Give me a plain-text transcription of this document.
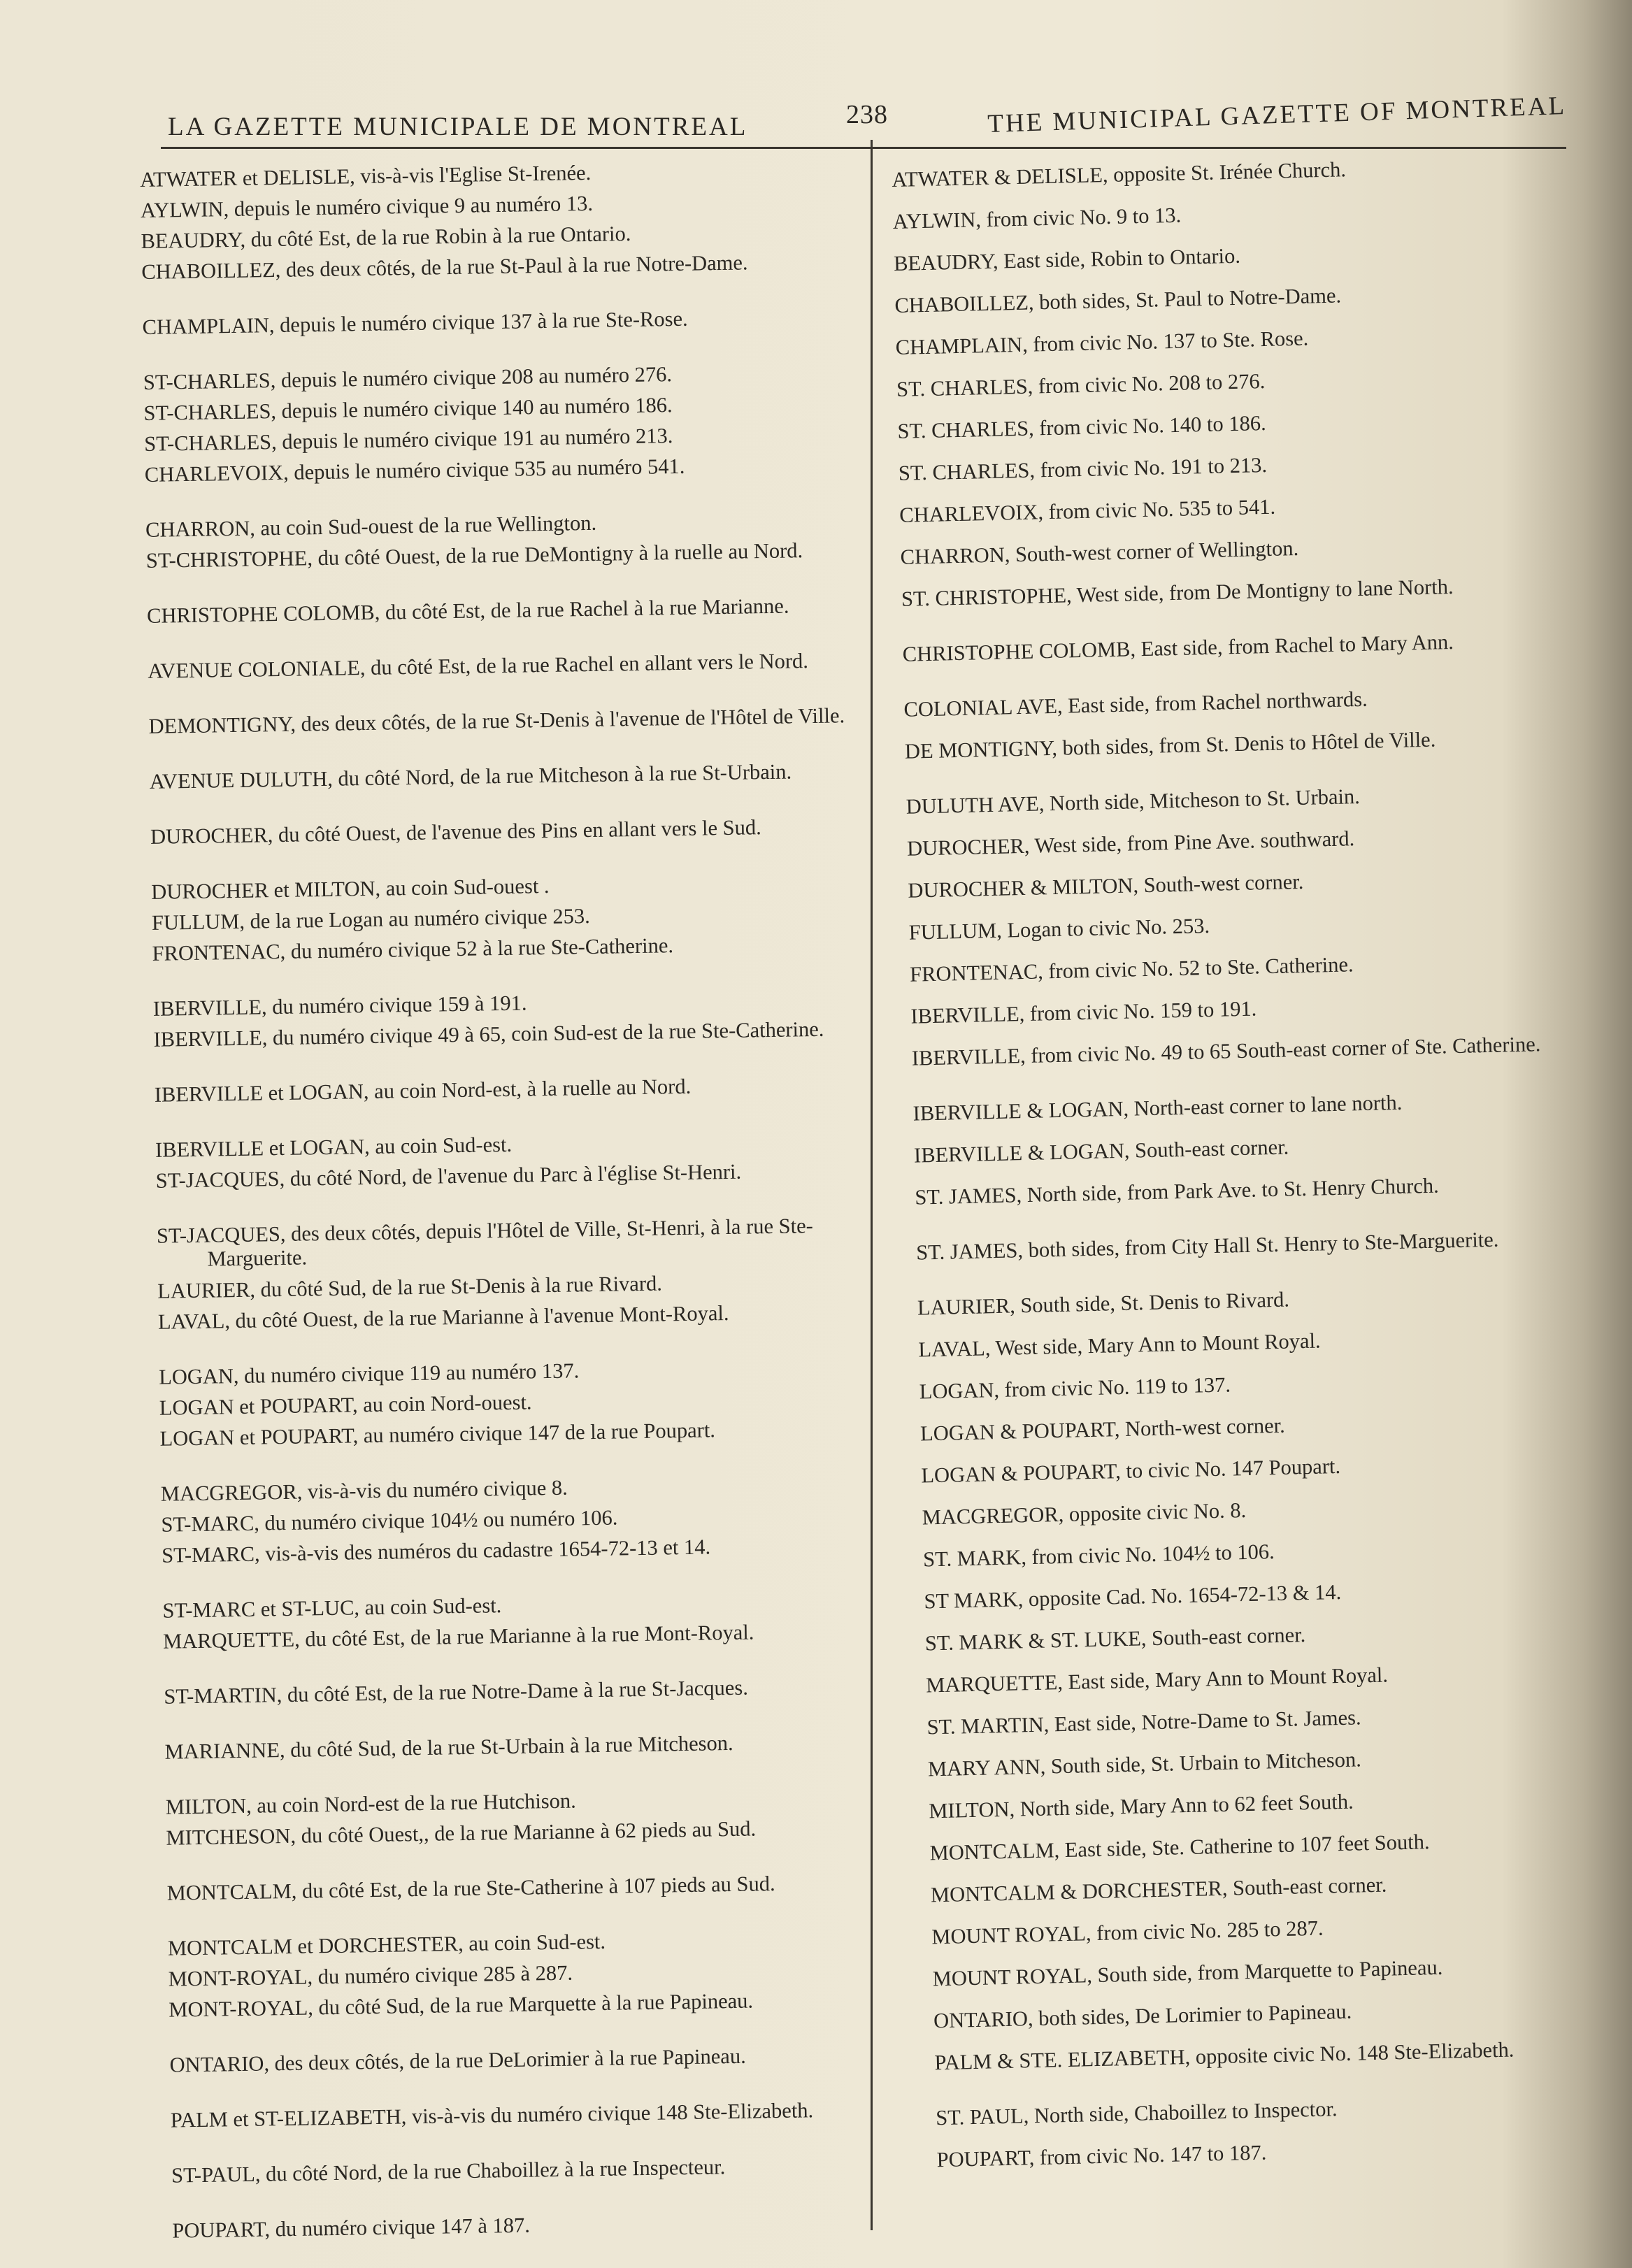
LA GAZETTE MUNICIPALE DE MONTREAL	238	THE MUNICIPAL GAZETTE OF MONTREAL

ATWATER et DELISLE, vis-à-vis l'Eglise St-Irenée.

AYLWIN, depuis le numéro civique 9 au numéro 13.

BEAUDRY, du côté Est, de la rue Robin à la rue Ontario.

CHABOILLEZ, des deux côtés, de la rue St-Paul à la rue Notre-Dame.

CHAMPLAIN, depuis le numéro civique 137 à la rue Ste-Rose.

ST-CHARLES, depuis le numéro civique 208 au numéro 276.

ST-CHARLES, depuis le numéro civique 140 au numéro 186.

ST-CHARLES, depuis le numéro civique 191 au numéro 213.

CHARLEVOIX, depuis le numéro civique 535 au numéro 541.

CHARRON, au coin Sud-ouest de la rue Wellington.

ST-CHRISTOPHE, du côté Ouest, de la rue DeMontigny à la ruelle au Nord.

CHRISTOPHE COLOMB, du côté Est, de la rue Rachel à la rue Marianne.

AVENUE COLONIALE, du côté Est, de la rue Rachel en allant vers le Nord.

DEMONTIGNY, des deux côtés, de la rue St-Denis à l'avenue de l'Hôtel de Ville.

AVENUE DULUTH, du côté Nord, de la rue Mitcheson à la rue St-Urbain.

DUROCHER, du côté Ouest, de l'avenue des Pins en allant vers le Sud.

DUROCHER et MILTON, au coin Sud-ouest .

FULLUM, de la rue Logan au numéro civique 253.

FRONTENAC, du numéro civique 52 à la rue Ste-Catherine.

IBERVILLE, du numéro civique 159 à 191.

IBERVILLE, du numéro civique 49 à 65, coin Sud-est de la rue Ste-Catherine.

IBERVILLE et LOGAN, au coin Nord-est, à la ruelle au Nord.

IBERVILLE et LOGAN, au coin Sud-est.

ST-JACQUES, du côté Nord, de l'avenue du Parc à l'église St-Henri.

ST-JACQUES, des deux côtés, depuis l'Hôtel de Ville, St-Henri, à la rue Ste-Marguerite.

LAURIER, du côté Sud, de la rue St-Denis à la rue Rivard.

LAVAL, du côté Ouest, de la rue Marianne à l'avenue Mont-Royal.

LOGAN, du numéro civique 119 au numéro 137.

LOGAN et POUPART, au coin Nord-ouest.

LOGAN et POUPART, au numéro civique 147 de la rue Poupart.

MACGREGOR, vis-à-vis du numéro civique 8.

ST-MARC, du numéro civique 104½ ou numéro 106.

ST-MARC, vis-à-vis des numéros du cadastre 1654-72-13 et 14.

ST-MARC et ST-LUC, au coin Sud-est.

MARQUETTE, du côté Est, de la rue Marianne à la rue Mont-Royal.

ST-MARTIN, du côté Est, de la rue Notre-Dame à la rue St-Jacques.

MARIANNE, du côté Sud, de la rue St-Urbain à la rue Mitcheson.

MILTON, au coin Nord-est de la rue Hutchison.

MITCHESON, du côté Ouest,, de la rue Marianne à 62 pieds au Sud.

MONTCALM, du côté Est, de la rue Ste-Catherine à 107 pieds au Sud.

MONTCALM et DORCHESTER, au coin Sud-est.

MONT-ROYAL, du numéro civique 285 à 287.

MONT-ROYAL, du côté Sud, de la rue Marquette à la rue Papineau.

ONTARIO, des deux côtés, de la rue DeLorimier à la rue Papineau.

PALM et ST-ELIZABETH, vis-à-vis du numéro civique 148 Ste-Elizabeth.

ST-PAUL, du côté Nord, de la rue Chaboillez à la rue Inspecteur.

POUPART, du numéro civique 147 à 187.

ATWATER & DELISLE, opposite St. Irénée Church.

AYLWIN, from civic No. 9 to 13.

BEAUDRY, East side, Robin to Ontario.

CHABOILLEZ, both sides, St. Paul to Notre-Dame.

CHAMPLAIN, from civic No. 137 to Ste. Rose.

ST. CHARLES, from civic No. 208 to 276.

ST. CHARLES, from civic No. 140 to 186.

ST. CHARLES, from civic No. 191 to 213.

CHARLEVOIX, from civic No. 535 to 541.

CHARRON, South-west corner of Wellington.

ST. CHRISTOPHE, West side, from De Montigny to lane North.

CHRISTOPHE COLOMB, East side, from Rachel to Mary Ann.

COLONIAL AVE, East side, from Rachel northwards.

DE MONTIGNY, both sides, from St. Denis to Hôtel de Ville.

DULUTH AVE, North side, Mitcheson to St. Urbain.

DUROCHER, West side, from Pine Ave. southward.

DUROCHER & MILTON, South-west corner.

FULLUM, Logan to civic No. 253.

FRONTENAC, from civic No. 52 to Ste. Catherine.

IBERVILLE, from civic No. 159 to 191.

IBERVILLE, from civic No. 49 to 65 South-east corner of Ste. Catherine.

IBERVILLE & LOGAN, North-east corner to lane north.

IBERVILLE & LOGAN, South-east corner.

ST. JAMES, North side, from Park Ave. to St. Henry Church.

ST. JAMES, both sides, from City Hall St. Henry to Ste-Marguerite.

LAURIER, South side, St. Denis to Rivard.

LAVAL, West side, Mary Ann to Mount Royal.

LOGAN, from civic No. 119 to 137.

LOGAN & POUPART, North-west corner.

LOGAN & POUPART, to civic No. 147 Poupart.

MACGREGOR, opposite civic No. 8.

ST. MARK, from civic No. 104½ to 106.

ST MARK, opposite Cad. No. 1654-72-13 & 14.

ST. MARK & ST. LUKE, South-east corner.

MARQUETTE, East side, Mary Ann to Mount Royal.

ST. MARTIN, East side, Notre-Dame to St. James.

MARY ANN, South side, St. Urbain to Mitcheson.

MILTON, North side, Mary Ann to 62 feet South.

MONTCALM, East side, Ste. Catherine to 107 feet South.

MONTCALM & DORCHESTER, South-east corner.

MOUNT ROYAL, from civic No. 285 to 287.

MOUNT ROYAL, South side, from Marquette to Papineau.

ONTARIO, both sides, De Lorimier to Papineau.

PALM & STE. ELIZABETH, opposite civic No. 148 Ste-Elizabeth.

ST. PAUL, North side, Chaboillez to Inspector.

POUPART, from civic No. 147 to 187.
